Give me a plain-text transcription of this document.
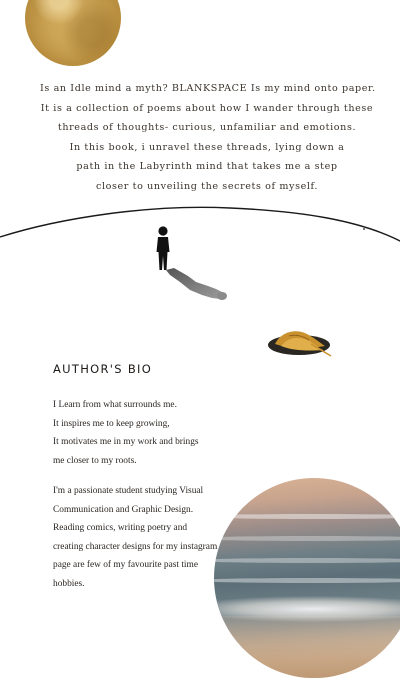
Is an Idle mind a myth? BLANKSPACE Is my mind onto paper.
It is a collection of poems about how I wander through these
threads of thoughts- curious, unfamiliar and emotions.
In this book, i unravel these threads, lying down a
path in the Labyrinth mind that takes me a step
closer to unveiling the secrets of myself.

AUTHOR'S BIO

I Learn from what surrounds me.
It inspires me to keep growing,
It motivates me in my work and brings
me closer to my roots.

I'm a passionate student studying Visual
Communication and Graphic Design.
Reading comics, writing poetry and
creating character designs for my instagram
page are few of my favourite past time
hobbies.
